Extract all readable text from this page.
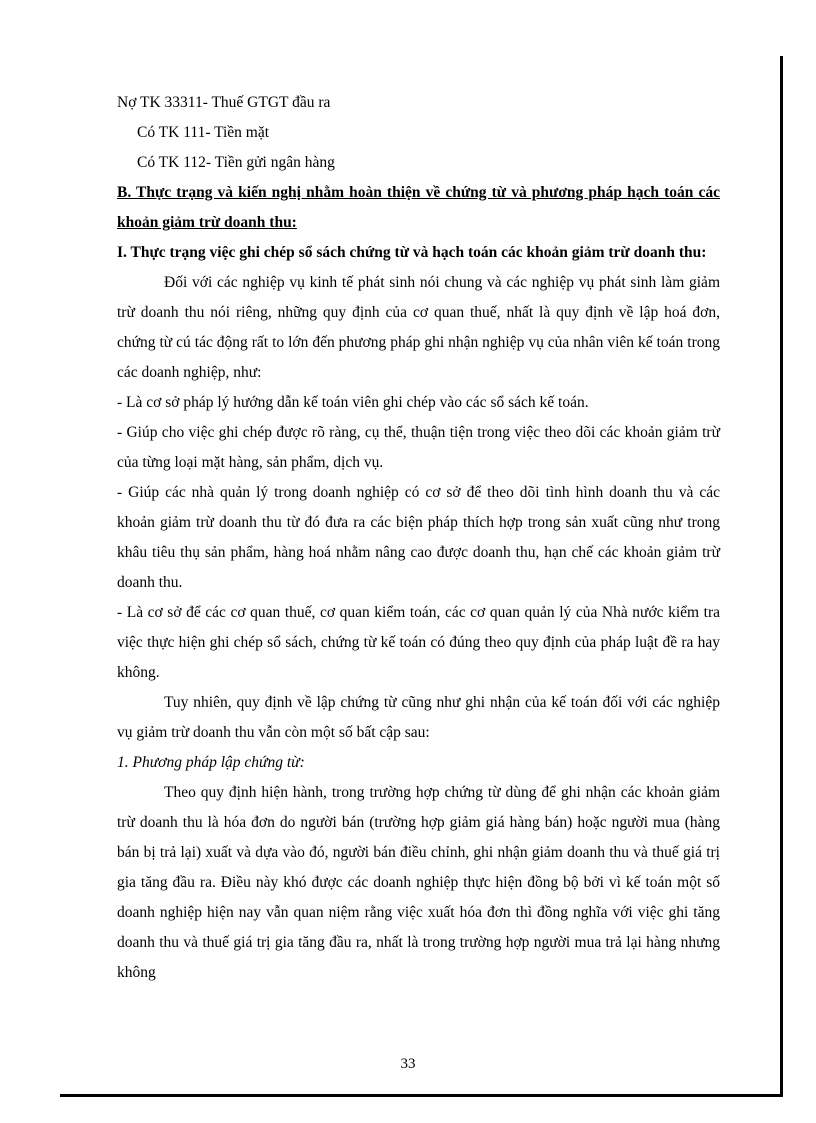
Nợ TK 33311- Thuế GTGT đầu ra
Có TK 111- Tiền mặt
Có TK 112- Tiền gửi ngân hàng

B. Thực trạng và kiến nghị nhằm hoàn thiện về chứng từ và phương pháp hạch toán các khoản giảm trừ doanh thu:

I. Thực trạng việc ghi chép sổ sách chứng từ và hạch toán các khoản giảm trừ doanh thu:

Đối với các nghiệp vụ kinh tế phát sinh nói chung và các nghiệp vụ phát sinh làm giảm trừ doanh thu nói riêng, những quy định của cơ quan thuế, nhất là quy định về lập hoá đơn, chứng từ cú tác động rất to lớn đến phương pháp ghi nhận nghiệp vụ của nhân viên kế toán trong các doanh nghiệp, như:

- Là cơ sở pháp lý hướng dẫn kế toán viên ghi chép vào các sổ sách kế toán.

- Giúp cho việc ghi chép được rõ ràng, cụ thể, thuận tiện trong việc theo dõi các khoản giảm trừ của từng loại mặt hàng, sản phẩm, dịch vụ.

- Giúp các nhà quản lý trong doanh nghiệp có cơ sở để theo dõi tình hình doanh thu và các khoản giảm trừ doanh thu từ đó đưa ra các biện pháp thích hợp trong sản xuất cũng như trong khâu tiêu thụ sản phẩm, hàng hoá nhằm nâng cao được doanh thu, hạn chế các khoản giảm trừ doanh thu.

- Là cơ sở để các cơ quan thuế, cơ quan kiểm toán, các cơ quan quản lý của Nhà nước kiểm tra việc thực hiện ghi chép sổ sách, chứng từ kế toán có đúng theo quy định của pháp luật đề ra hay không.

Tuy nhiên, quy định về lập chứng từ cũng như ghi nhận của kế toán đối với các nghiệp vụ giảm trừ doanh thu vẫn còn một số bất cập sau:

1. Phương pháp lập chứng từ:

Theo quy định hiện hành, trong trường hợp chứng từ dùng để ghi nhận các khoản giảm trừ doanh thu là hóa đơn do người bán (trường hợp giảm giá hàng bán) hoặc người mua (hàng bán bị trả lại) xuất và dựa vào đó, người bán điều chỉnh, ghi nhận giảm doanh thu và thuế giá trị gia tăng đầu ra. Điều này khó được các doanh nghiệp thực hiện đồng bộ bởi vì kế toán một số doanh nghiệp hiện nay vẫn quan niệm rằng việc xuất hóa đơn thì đồng nghĩa với việc ghi tăng doanh thu và thuế giá trị gia tăng đầu ra, nhất là trong trường hợp người mua trả lại hàng nhưng không

33
